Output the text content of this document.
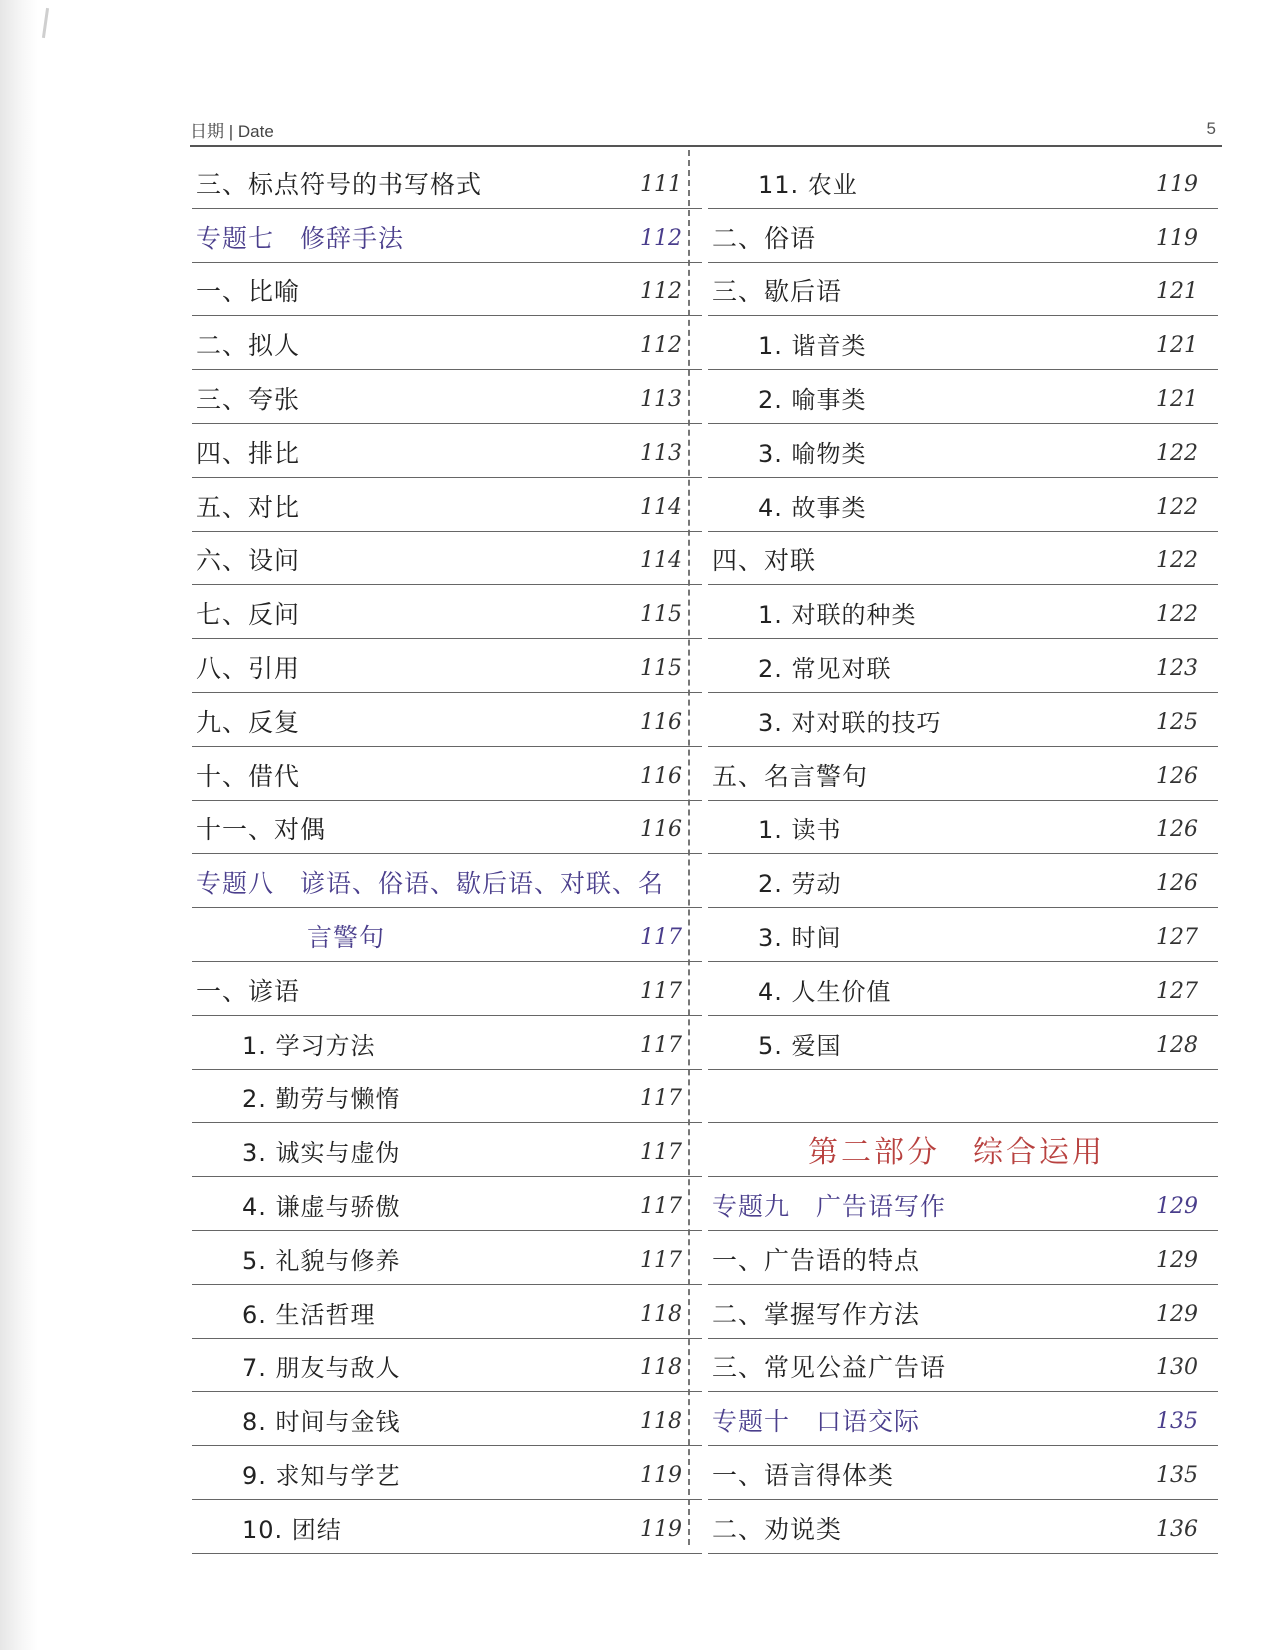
日期 | Date	5
三、标点符号的书写格式	111
专题七　修辞手法	112
一、比喻	112
二、拟人	112
三、夸张	113
四、排比	113
五、对比	114
六、设问	114
七、反问	115
八、引用	115
九、反复	116
十、借代	116
十一、对偶	116
专题八　谚语、俗语、歇后语、对联、名
言警句	117
一、谚语	117
1. 学习方法	117
2. 勤劳与懒惰	117
3. 诚实与虚伪	117
4. 谦虚与骄傲	117
5. 礼貌与修养	117
6. 生活哲理	118
7. 朋友与敌人	118
8. 时间与金钱	118
9. 求知与学艺	119
10. 团结	119
11. 农业	119
二、俗语	119
三、歇后语	121
1. 谐音类	121
2. 喻事类	121
3. 喻物类	122
4. 故事类	122
四、对联	122
1. 对联的种类	122
2. 常见对联	123
3. 对对联的技巧	125
五、名言警句	126
1. 读书	126
2. 劳动	126
3. 时间	127
4. 人生价值	127
5. 爱国	128
第二部分　综合运用
专题九　广告语写作	129
一、广告语的特点	129
二、掌握写作方法	129
三、常见公益广告语	130
专题十　口语交际	135
一、语言得体类	135
二、劝说类	136
